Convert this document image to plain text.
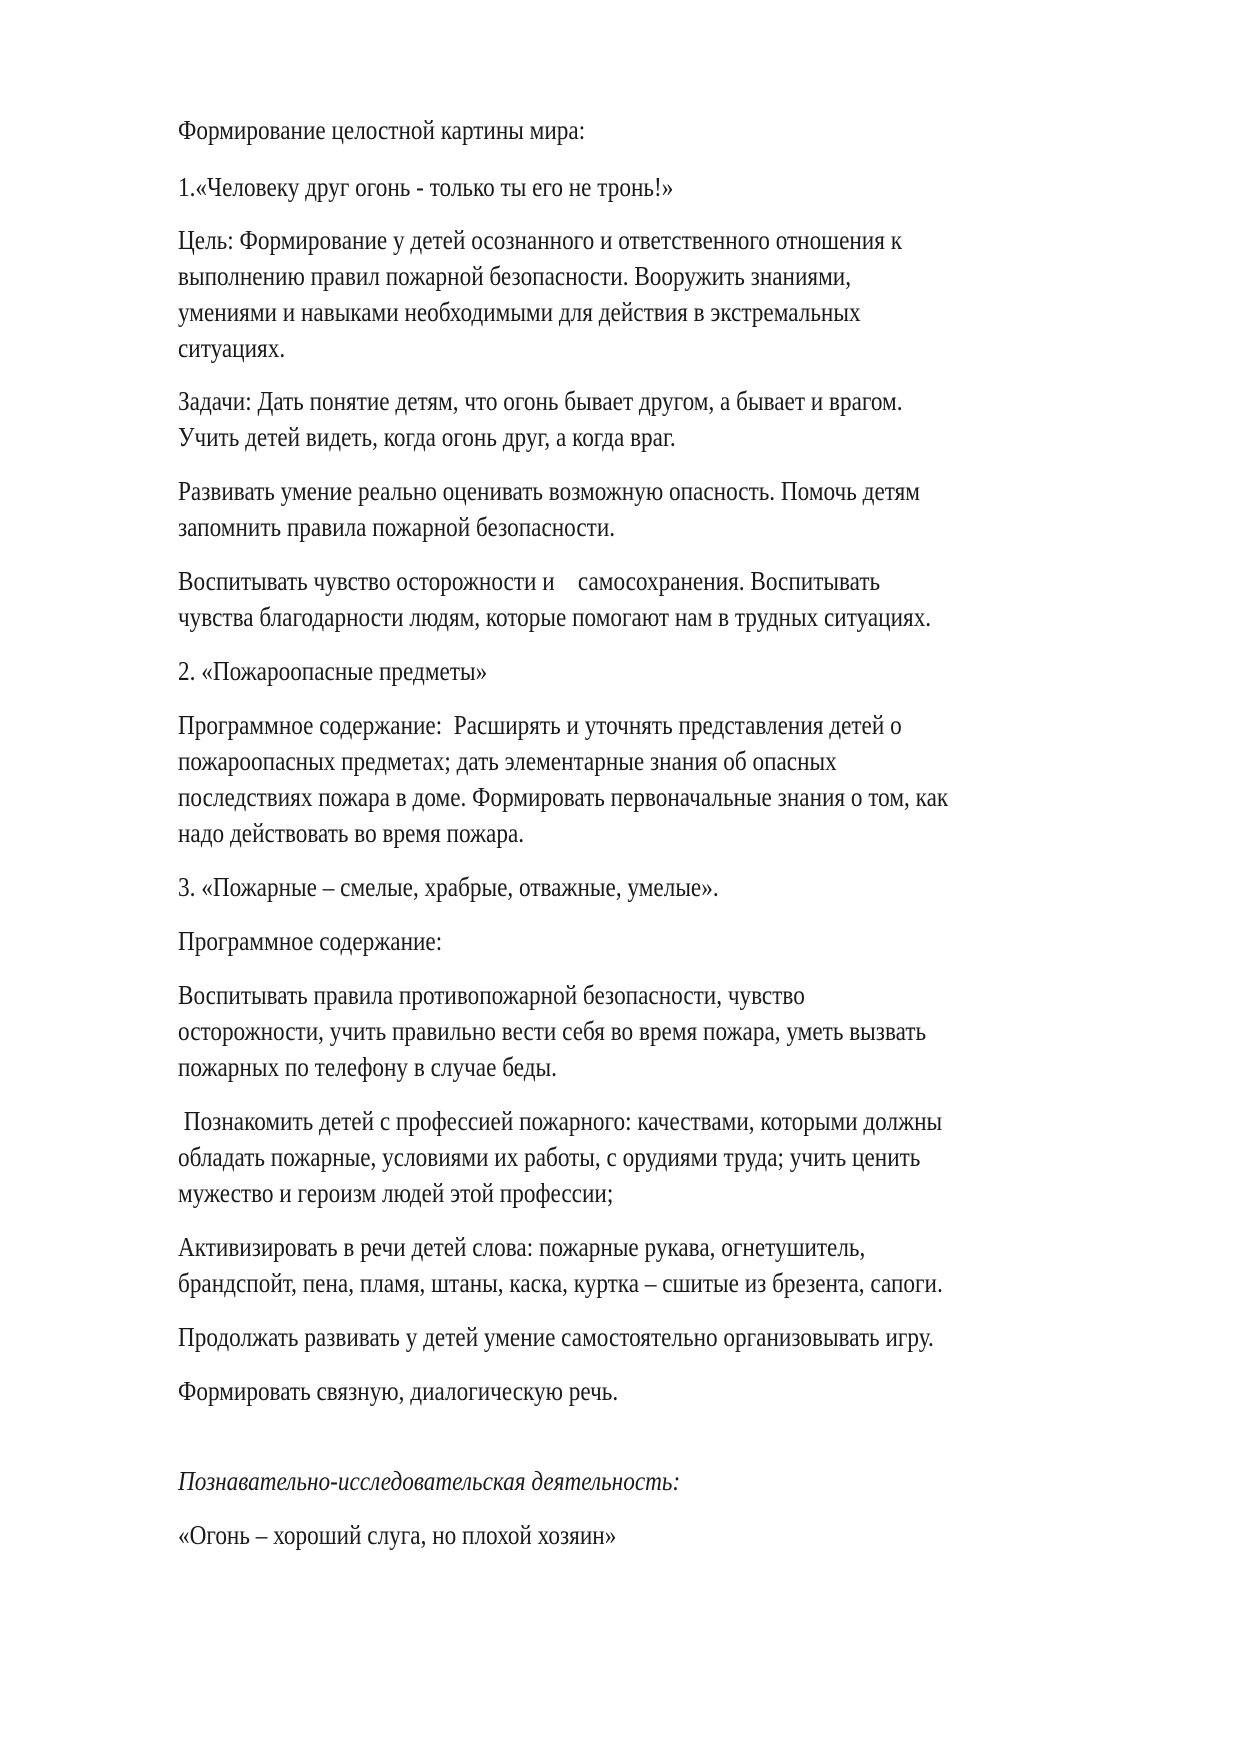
Формирование целостной картины мира:
1.«Человеку друг огонь - только ты его не тронь!»
Цель: Формирование у детей осознанного и ответственного отношения к
выполнению правил пожарной безопасности. Вооружить знаниями,
умениями и навыками необходимыми для действия в экстремальных
ситуациях.
Задачи: Дать понятие детям, что огонь бывает другом, а бывает и врагом.
Учить детей видеть, когда огонь друг, а когда враг.
Развивать умение реально оценивать возможную опасность. Помочь детям
запомнить правила пожарной безопасности.
Воспитывать чувство осторожности и    самосохранения. Воспитывать
чувства благодарности людям, которые помогают нам в трудных ситуациях.
2. «Пожароопасные предметы»
Программное содержание:  Расширять и уточнять представления детей о
пожароопасных предметах; дать элементарные знания об опасных
последствиях пожара в доме. Формировать первоначальные знания о том, как
надо действовать во время пожара.
3. «Пожарные – смелые, храбрые, отважные, умелые».
Программное содержание:
Воспитывать правила противопожарной безопасности, чувство
осторожности, учить правильно вести себя во время пожара, уметь вызвать
пожарных по телефону в случае беды.
Познакомить детей с профессией пожарного: качествами, которыми должны
обладать пожарные, условиями их работы, с орудиями труда; учить ценить
мужество и героизм людей этой профессии;
Активизировать в речи детей слова: пожарные рукава, огнетушитель,
брандспойт, пена, пламя, штаны, каска, куртка – сшитые из брезента, сапоги.
Продолжать развивать у детей умение самостоятельно организовывать игру.
Формировать связную, диалогическую речь.
Познавательно-исследовательская деятельность:
«Огонь – хороший слуга, но плохой хозяин»
